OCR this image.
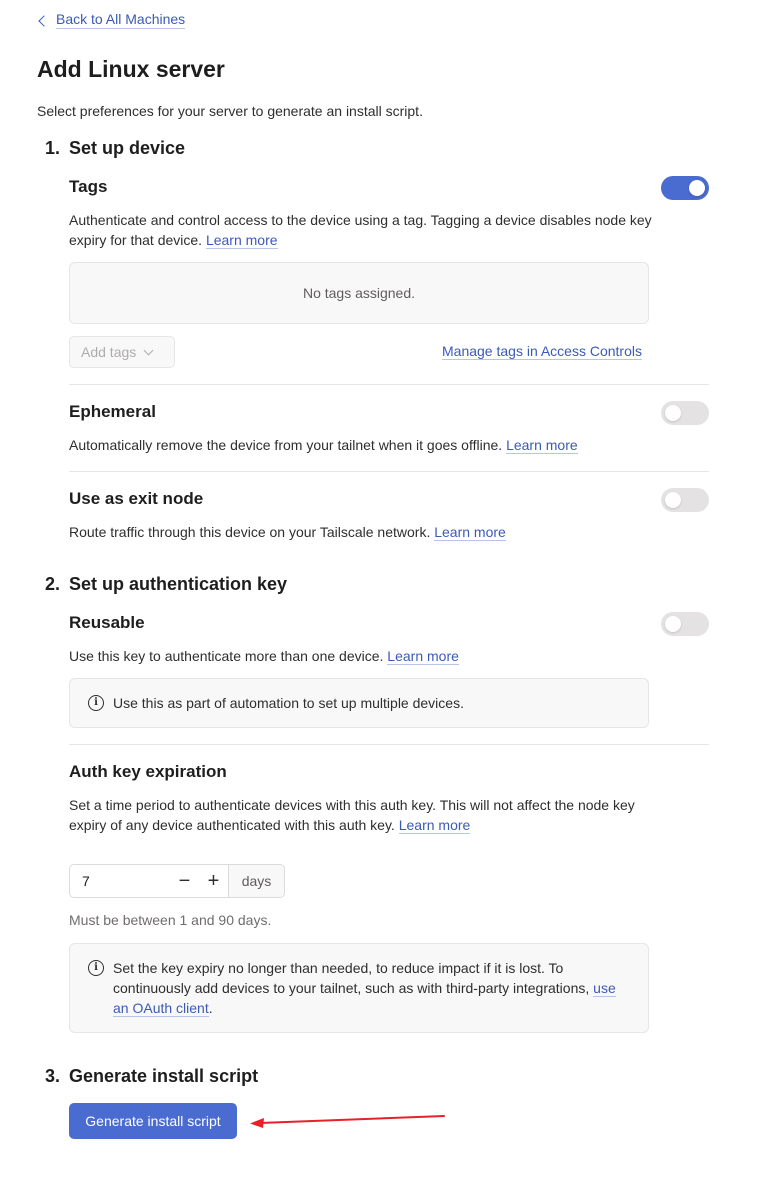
Back to All Machines
Add Linux server

Select preferences for your server to generate an install script.

1. Set up device
Tags

Authenticate and control access to the device using a tag. Tagging a device disables node key expiry for that device. Learn more

No tags assigned.
Add tags	Manage tags in Access Controls
Ephemeral

Automatically remove the device from your tailnet when it goes offline. Learn more

Use as exit node

Route traffic through this device on your Tailscale network. Learn more

2. Set up authentication key
Reusable

Use this key to authenticate more than one device. Learn more

i	Use this as part of automation to set up multiple devices.
Auth key expiration

Set a time period to authenticate devices with this auth key. This will not affect the node key expiry of any device authenticated with this auth key. Learn more

7	− +	days

Must be between 1 and 90 days.

i	Set the key expiry no longer than needed, to reduce impact if it is lost. To continuously add devices to your tailnet, such as with third-party integrations, use an OAuth client.

3. Generate install script
Generate install script
